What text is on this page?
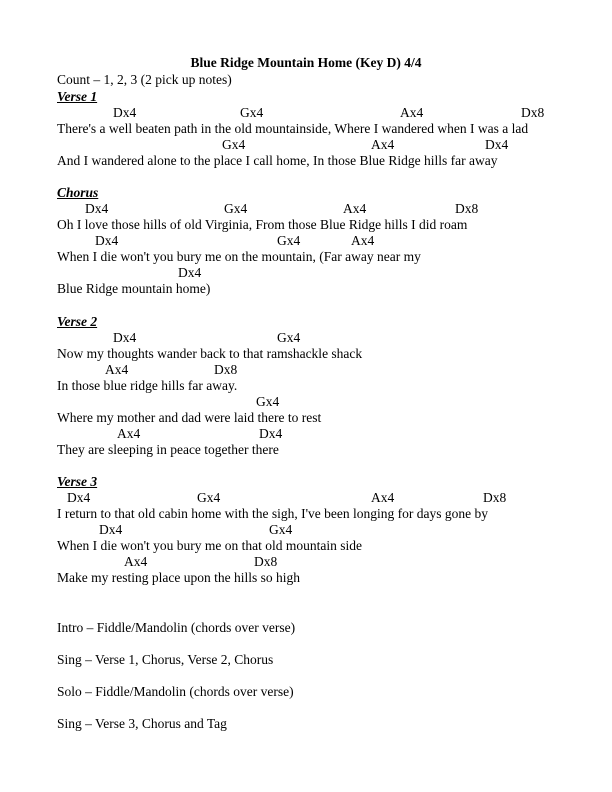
Blue Ridge Mountain Home (Key D) 4/4
Count – 1, 2, 3 (2 pick up notes)
Verse 1
Dx4	Gx4	Ax4	Dx8
There's a well beaten path in the old mountainside, Where I wandered when I was a lad
Gx4	Ax4	Dx4
And I wandered alone to the place I call home, In those Blue Ridge hills far away
Chorus
Dx4	Gx4	Ax4	Dx8
Oh I love those hills of old Virginia, From those Blue Ridge hills I did roam
Dx4	Gx4	Ax4
When I die won't you bury me on the mountain, (Far away near my
Dx4
Blue Ridge mountain home)
Verse 2
Dx4	Gx4
Now my thoughts wander back to that ramshackle shack
Ax4	Dx8
In those blue ridge hills far away.
Gx4
Where my mother and dad were laid there to rest
Ax4	Dx4
They are sleeping in peace together there
Verse 3
Dx4	Gx4	Ax4	Dx8
I return to that old cabin home with the sigh, I've been longing for days gone by
Dx4	Gx4
When I die won't you bury me on that old mountain side
Ax4	Dx8
Make my resting place upon the hills so high
Intro – Fiddle/Mandolin (chords over verse)
Sing – Verse 1, Chorus, Verse 2, Chorus
Solo – Fiddle/Mandolin (chords over verse)
Sing – Verse 3, Chorus and Tag
